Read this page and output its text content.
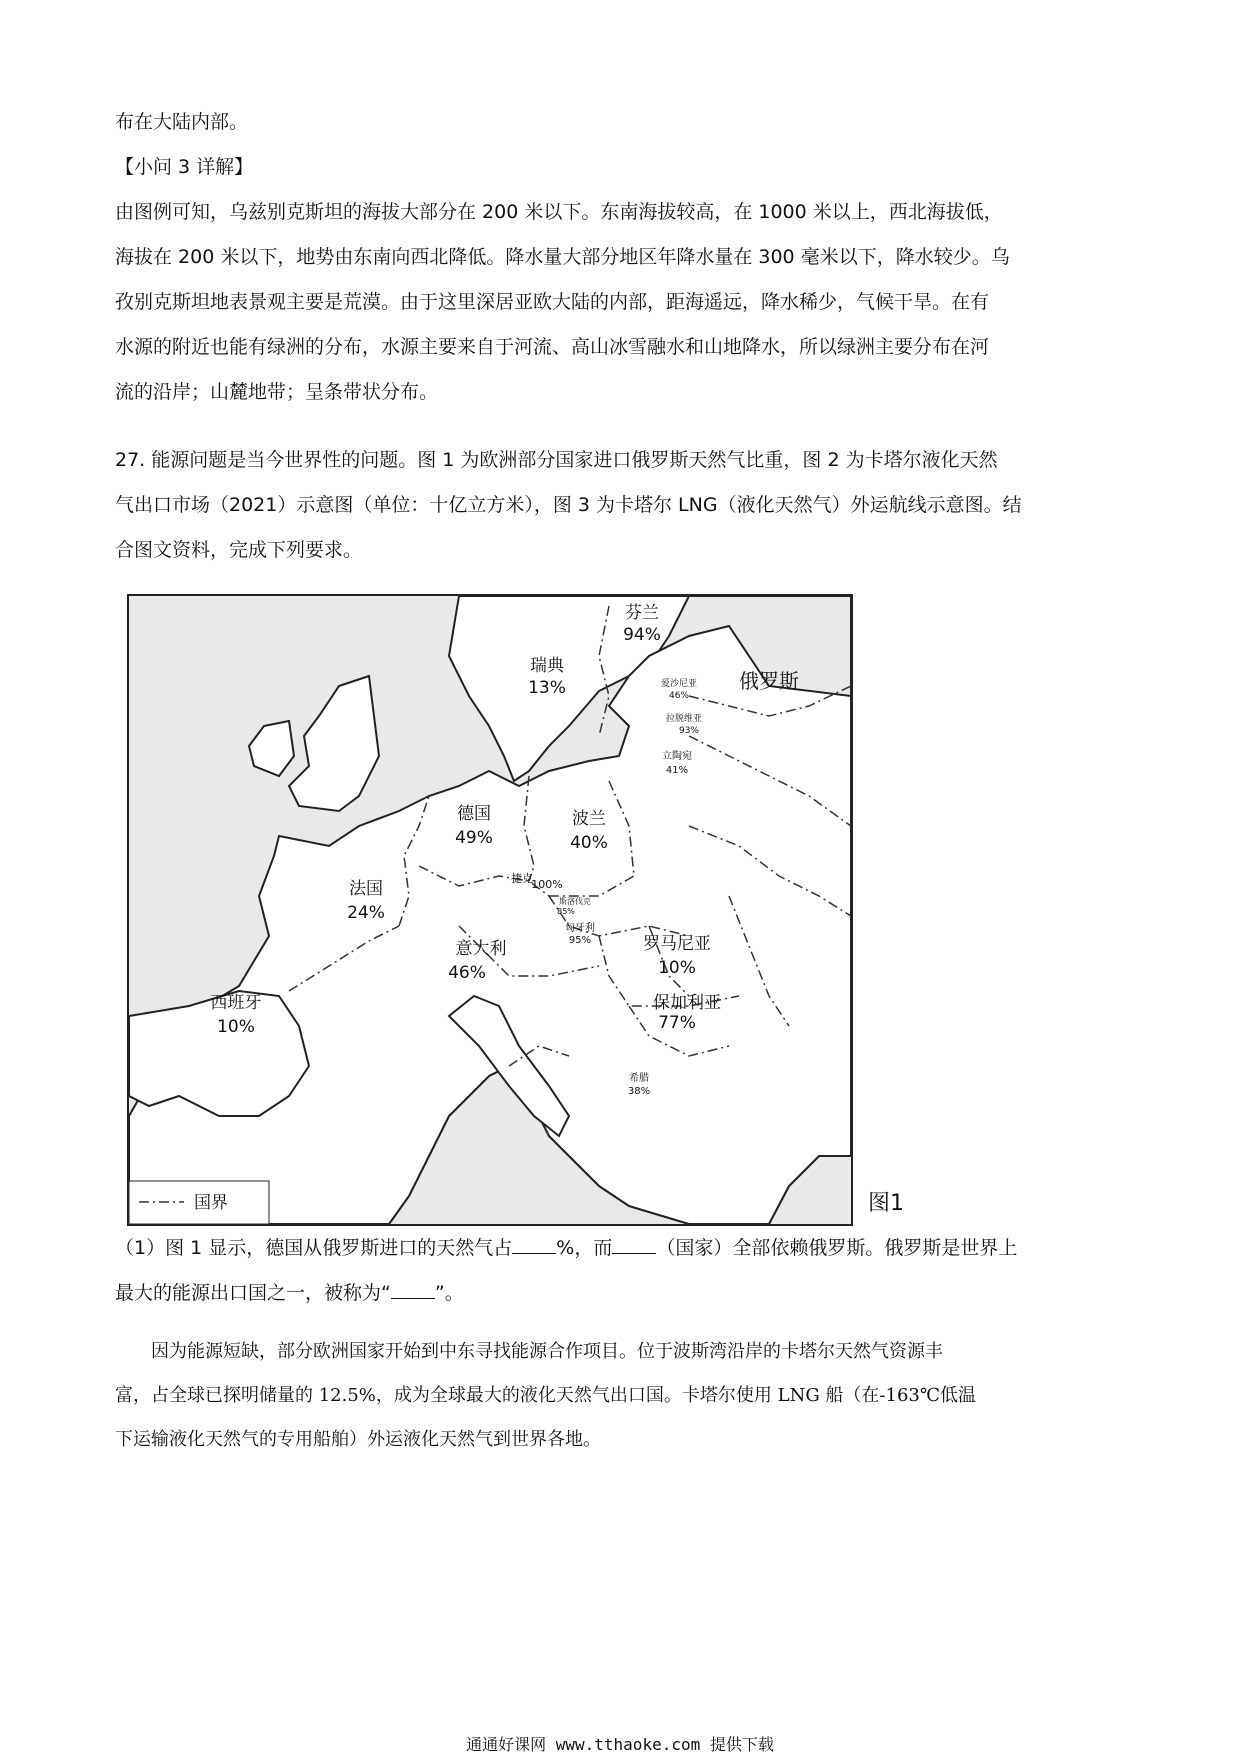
布在大陆内部。

【小问 3 详解】

由图例可知，乌兹别克斯坦的海拔大部分在 200 米以下。东南海拔较高，在 1000 米以上，西北海拔低，

海拔在 200 米以下，地势由东南向西北降低。降水量大部分地区年降水量在 300 毫米以下，降水较少。乌

孜别克斯坦地表景观主要是荒漠。由于这里深居亚欧大陆的内部，距海遥远，降水稀少，气候干旱。在有

水源的附近也能有绿洲的分布，水源主要来自于河流、高山冰雪融水和山地降水，所以绿洲主要分布在河

流的沿岸；山麓地带；呈条带状分布。

27. 能源问题是当今世界性的问题。图 1 为欧洲部分国家进口俄罗斯天然气比重，图 2 为卡塔尔液化天然

气出口市场（2021）示意图（单位：十亿立方米），图 3 为卡塔尔 LNG（液化天然气）外运航线示意图。结

合图文资料，完成下列要求。

芬兰
94%
瑞典
13%	俄罗斯
爱沙尼亚
46%
拉脱维亚
93%
立陶宛
41%
德国
49%
波兰
40%
法国
24%
捷克
100%
斯洛伐克
85%
匈牙利
95%
意大利
46%
罗马尼亚
10%
西班牙
10%
保加利亚
77%
希腊
38%
国界	图1

（1）图 1 显示，德国从俄罗斯进口的天然气占 %，而 （国家）全部依赖俄罗斯。俄罗斯是世界上

最大的能源出口国之一，被称为“ ”。

因为能源短缺，部分欧洲国家开始到中东寻找能源合作项目。位于波斯湾沿岸的卡塔尔天然气资源丰

富，占全球已探明储量的 12.5%，成为全球最大的液化天然气出口国。卡塔尔使用 LNG 船（在-163℃低温

下运输液化天然气的专用船舶）外运液化天然气到世界各地。

通通好课网 www.tthaoke.com 提供下载
